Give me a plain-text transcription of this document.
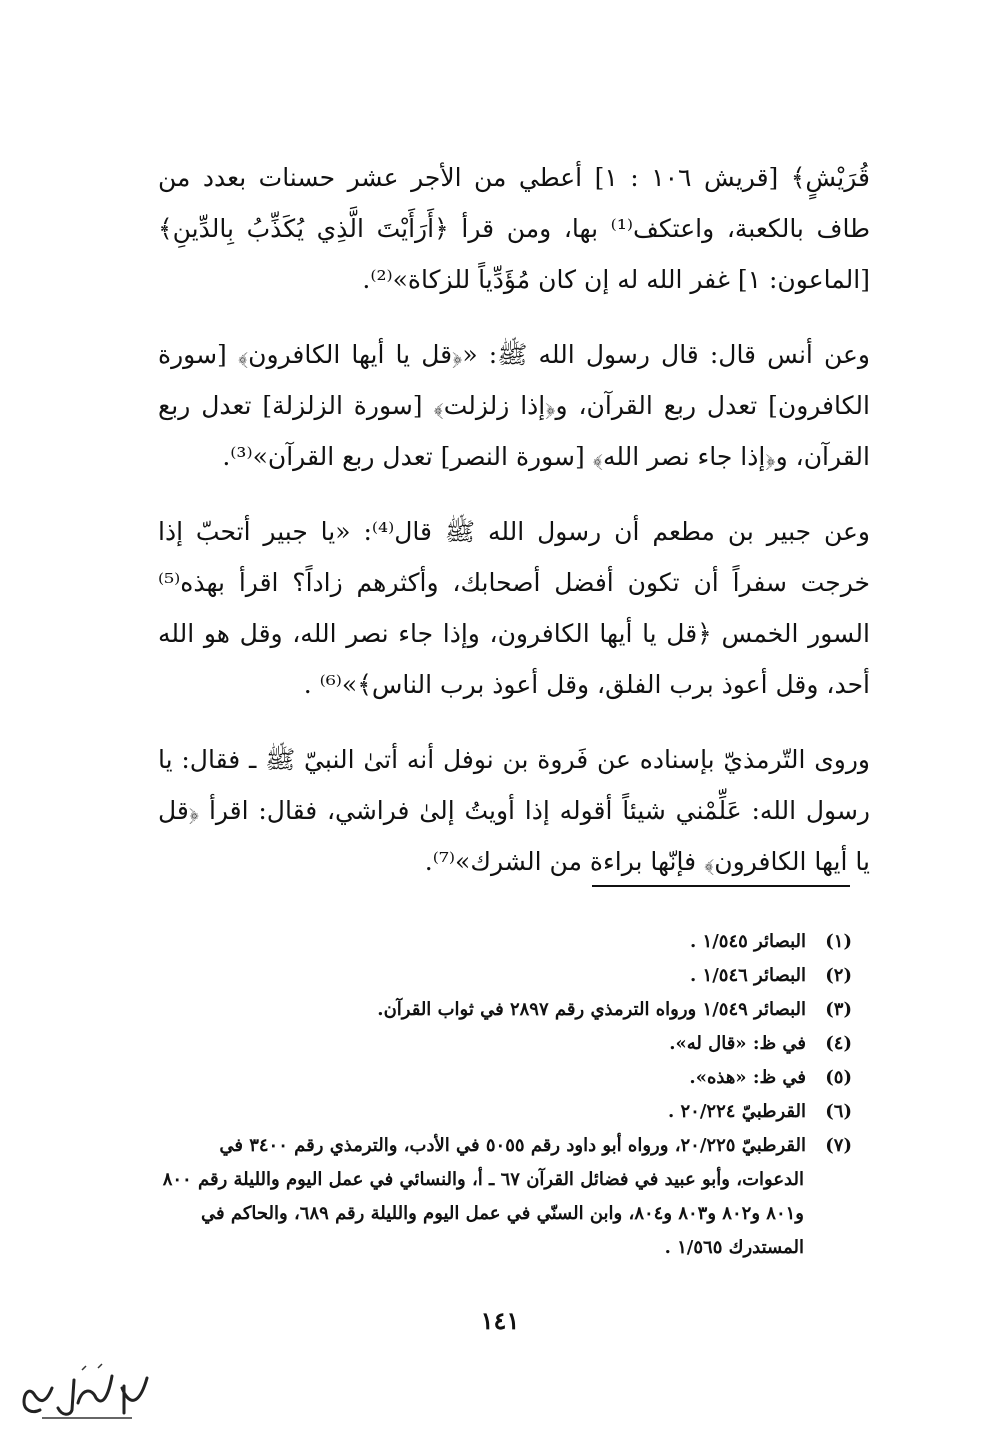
قُرَيْشٍ﴾ [قريش ١٠٦ : ١] أعطي من الأجر عشر حسنات بعدد من طاف بالكعبة، واعتكف⁽¹⁾ بها، ومن قرأ ﴿أَرَأَيْتَ الَّذِي يُكَذِّبُ بِالدِّينِ﴾ [الماعون: ١] غفر الله له إن كان مُؤَدِّياً للزكاة»⁽²⁾.

وعن أنس قال: قال رسول الله ﷺ: «﴿قل يا أيها الكافرون﴾ [سورة الكافرون] تعدل ربع القرآن، و﴿إذا زلزلت﴾ [سورة الزلزلة] تعدل ربع القرآن، و﴿إذا جاء نصر الله﴾ [سورة النصر] تعدل ربع القرآن»⁽³⁾.

وعن جبير بن مطعم أن رسول الله ﷺ قال⁽⁴⁾: «يا جبير أتحبّ إذا خرجت سفراً أن تكون أفضل أصحابك، وأكثرهم زاداً؟ اقرأ بهذه⁽⁵⁾ السور الخمس ﴿قل يا أيها الكافرون، وإذا جاء نصر الله، وقل هو الله أحد، وقل أعوذ برب الفلق، وقل أعوذ برب الناس﴾»⁽⁶⁾ .

وروى التّرمذيّ بإسناده عن فَروة بن نوفل أنه أتىٰ النبيّ ﷺ ـ فقال: يا رسول الله: عَلِّمْني شيئاً أقوله إذا أويتُ إلىٰ فراشي، فقال: اقرأ ﴿قل يا أيها الكافرون﴾ فإنّها براءة من الشرك»⁽⁷⁾.

(١)البصائر ١/٥٤٥ .

(٢)البصائر ١/٥٤٦ .

(٣)البصائر ١/٥٤٩ ورواه الترمذي رقم ٢٨٩٧ في ثواب القرآن.

(٤)في ظ: «قال له».

(٥)في ظ: «هذه».

(٦)القرطبيّ ٢٠/٢٢٤ .

(٧)القرطبيّ ٢٠/٢٢٥، ورواه أبو داود رقم ٥٠٥٥ في الأدب، والترمذي رقم ٣٤٠٠ في الدعوات، وأبو عبيد في فضائل القرآن ٦٧ ـ أ، والنسائي في عمل اليوم والليلة رقم ٨٠٠ و٨٠١ و٨٠٢ و٨٠٣ و٨٠٤، وابن السنّي في عمل اليوم والليلة رقم ٦٨٩، والحاكم في المستدرك ١/٥٦٥ .

١٤١
